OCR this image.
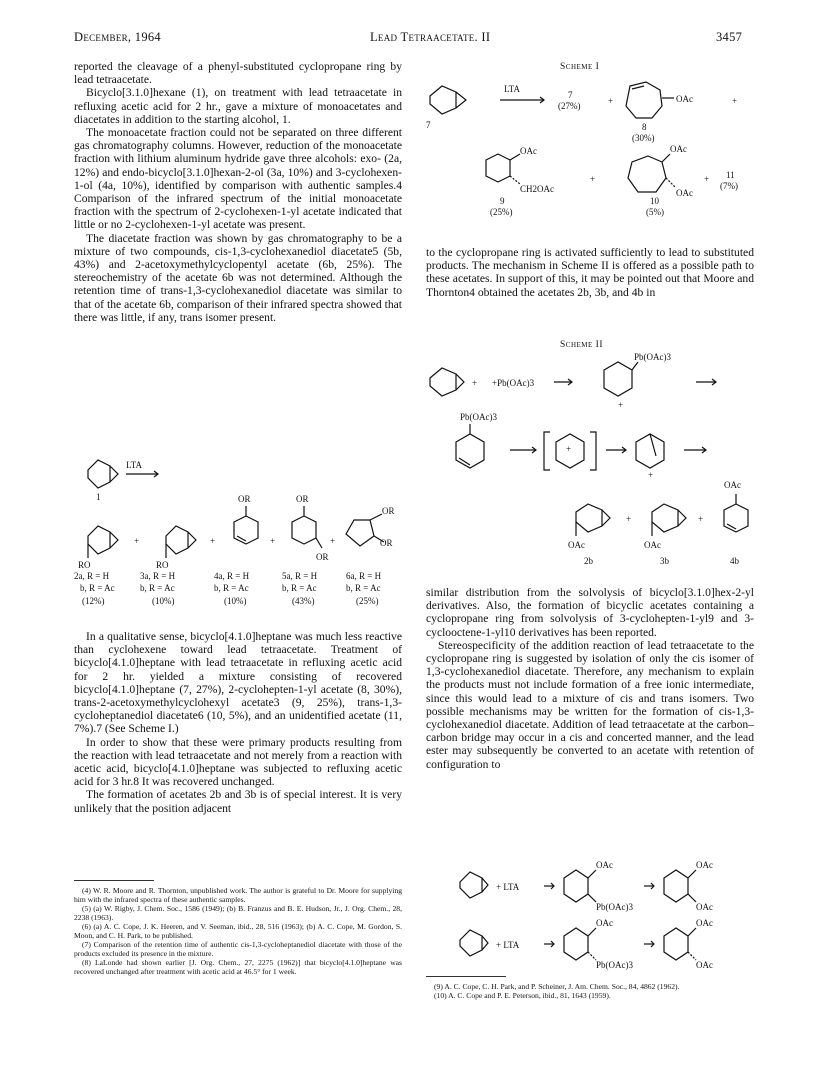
December, 1964	Lead Tetraacetate. II	3457

reported the cleavage of a phenyl-substituted cyclopropane ring by lead tetraacetate.

Bicyclo[3.1.0]hexane (1), on treatment with lead tetraacetate in refluxing acetic acid for 2 hr., gave a mixture of monoacetates and diacetates in addition to the starting alcohol, 1.

The monoacetate fraction could not be separated on three different gas chromatography columns. However, reduction of the monoacetate fraction with lithium aluminum hydride gave three alcohols: exo- (2a, 12%) and endo-bicyclo[3.1.0]hexan-2-ol (3a, 10%) and 3-cyclohexen-1-ol (4a, 10%), identified by comparison with authentic samples.4 Comparison of the infrared spectrum of the initial monoacetate fraction with the spectrum of 2-cyclohexen-1-yl acetate indicated that little or no 2-cyclohexen-1-yl acetate was present.

The diacetate fraction was shown by gas chromatography to be a mixture of two compounds, cis-1,3-cyclohexanediol diacetate5 (5b, 43%) and 2-acetoxymethylcyclopentyl acetate (6b, 25%). The stereochemistry of the acetate 6b was not determined. Although the retention time of trans-1,3-cyclohexanediol diacetate was similar to that of the acetate 6b, comparison of their infrared spectra showed that there was little, if any, trans isomer present.

LTA
1
RO	RO
OR	OR
OR
OR
OR
+	+	+	+
2a, R = H
b, R = Ac
(12%)
3a, R = H
b, R = Ac
(10%)
4a, R = H
b, R = Ac
(10%)
5a, R = H
b, R = Ac
(43%)
6a, R = H
b, R = Ac
(25%)

In a qualitative sense, bicyclo[4.1.0]heptane was much less reactive than cyclohexene toward lead tetraacetate. Treatment of bicyclo[4.1.0]heptane with lead tetraacetate in refluxing acetic acid for 2 hr. yielded a mixture consisting of recovered bicyclo[4.1.0]heptane (7, 27%), 2-cyclohepten-1-yl acetate (8, 30%), trans-2-acetoxymethylcyclohexyl acetate3 (9, 25%), trans-1,3-cycloheptanediol diacetate6 (10, 5%), and an unidentified acetate (11, 7%).7 (See Scheme I.)

In order to show that these were primary products resulting from the reaction with lead tetraacetate and not merely from a reaction with acetic acid, bicyclo[4.1.0]heptane was subjected to refluxing acetic acid for 3 hr.8 It was recovered unchanged.

The formation of acetates 2b and 3b is of special interest. It is very unlikely that the position adjacent

(4) W. R. Moore and R. Thornton, unpublished work. The author is grateful to Dr. Moore for supplying him with the infrared spectra of these authentic samples.

(5) (a) W. Rigby, J. Chem. Soc., 1586 (1949); (b) B. Franzus and B. E. Hudson, Jr., J. Org. Chem., 28, 2238 (1963).

(6) (a) A. C. Cope, J. K. Heeren, and V. Seeman, ibid., 28, 516 (1963); (b) A. C. Cope, M. Gordon, S. Moon, and C. H. Park, to be published.

(7) Comparison of the retention time of authentic cis-1,3-cycloheptanediol diacetate with those of the products excluded its presence in the mixture.

(8) LaLonde had shown earlier [J. Org. Chem., 27, 2275 (1962)] that bicyclo[4.1.0]heptane was recovered unchanged after treatment with acetic acid at 46.5° for 1 week.

Scheme I
7
LTA
7
(27%)	+	OAc	+
8
(30%)
OAc
CH2OAc
9
(25%)
+
OAc
OAc
10
(5%)
+ 11
(7%)

to the cyclopropane ring is activated sufficiently to lead to substituted products. The mechanism in Scheme II is offered as a possible path to these acetates. In support of this, it may be pointed out that Moore and Thornton4 obtained the acetates 2b, 3b, and 4b in

Scheme II
+ +Pb(OAc)3
Pb(OAc)3
+
Pb(OAc)3
+
+
OAc
+	+
OAc	OAc
2b	3b	4b

similar distribution from the solvolysis of bicyclo[3.1.0]hex-2-yl derivatives. Also, the formation of bicyclic acetates containing a cyclopropane ring from solvolysis of 3-cyclohepten-1-yl9 and 3-cyclooctene-1-yl10 derivatives has been reported.

Stereospecificity of the addition reaction of lead tetraacetate to the cyclopropane ring is suggested by isolation of only the cis isomer of 1,3-cyclohexanediol diacetate. Therefore, any mechanism to explain the products must not include formation of a free ionic intermediate, since this would lead to a mixture of cis and trans isomers. Two possible mechanisms may be written for the formation of cis-1,3-cyclohexanediol diacetate. Addition of lead tetraacetate at the carbon–carbon bridge may occur in a cis and concerted manner, and the lead ester may subsequently be converted to an acetate with retention of configuration to

+ LTA
OAc
Pb(OAc)3
OAc
OAc
+ LTA
OAc
Pb(OAc)3
OAc
OAc

(9) A. C. Cope, C. H. Park, and P. Scheiner, J. Am. Chem. Soc., 84, 4862 (1962).

(10) A. C. Cope and P. E. Peterson, ibid., 81, 1643 (1959).
